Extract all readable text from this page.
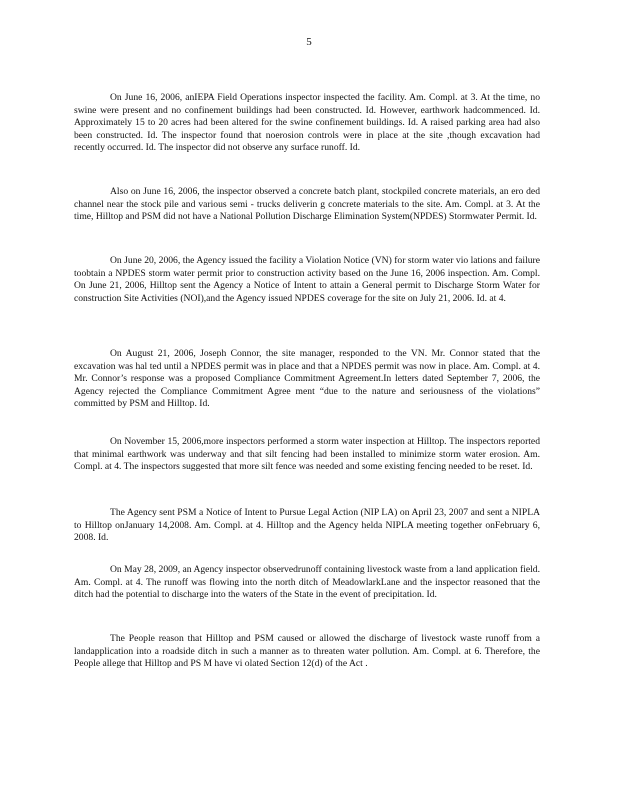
5

On June 16, 2006, anIEPA Field Operations inspector inspected the facility. Am. Compl. at 3. At the time, no swine were present and no confinement buildings had been constructed. Id. However, earthwork hadcommenced. Id. Approximately 15 to 20 acres had been altered for the swine confinement buildings. Id. A raised parking area had also been constructed. Id. The inspector found that noerosion controls were in place at the site ,though excavation had recently occurred. Id. The inspector did not observe any surface runoff. Id.

Also on June 16, 2006, the inspector observed a concrete batch plant, stockpiled concrete materials, an ero ded channel near the stock pile and various semi - trucks deliverin g concrete materials to the site. Am. Compl. at 3. At the time, Hilltop and PSM did not have a National Pollution Discharge Elimination System(NPDES) Stormwater Permit. Id.

On June 20, 2006, the Agency issued the facility a Violation Notice (VN) for storm water vio lations and failure toobtain a NPDES storm water permit prior to construction activity based on the June 16, 2006 inspection. Am. Compl. On June 21, 2006, Hilltop sent the Agency a Notice of Intent to attain a General permit to Discharge Storm Water for construction Site Activities (NOI),and the Agency issued NPDES coverage for the site on July 21, 2006. Id. at 4.

On August 21, 2006, Joseph Connor, the site manager, responded to the VN. Mr. Connor stated that the excavation was hal ted until a NPDES permit was in place and that a NPDES permit was now in place. Am. Compl. at 4. Mr. Connor’s response was a proposed Compliance Commitment Agreement.In letters dated September 7, 2006, the Agency rejected the Compliance Commitment Agree ment “due to the nature and seriousness of the violations” committed by PSM and Hilltop. Id.

On November 15, 2006,more inspectors performed a storm water inspection at Hilltop. The inspectors reported that minimal earthwork was underway and that silt fencing had been installed to minimize storm water erosion. Am. Compl. at 4. The inspectors suggested that more silt fence was needed and some existing fencing needed to be reset. Id.

The Agency sent PSM a Notice of Intent to Pursue Legal Action (NIP LA) on April 23, 2007 and sent a NIPLA to Hilltop onJanuary 14,2008. Am. Compl. at 4. Hilltop and the Agency helda NIPLA meeting together onFebruary 6, 2008. Id.

On May 28, 2009, an Agency inspector observedrunoff containing livestock waste from a land application field. Am. Compl. at 4. The runoff was flowing into the north ditch of MeadowlarkLane and the inspector reasoned that the ditch had the potential to discharge into the waters of the State in the event of precipitation. Id.

The People reason that Hilltop and PSM caused or allowed the discharge of livestock waste runoff from a landapplication into a roadside ditch in such a manner as to threaten water pollution. Am. Compl. at 6. Therefore, the People allege that Hilltop and PS M have vi olated Section 12(d) of the Act .
